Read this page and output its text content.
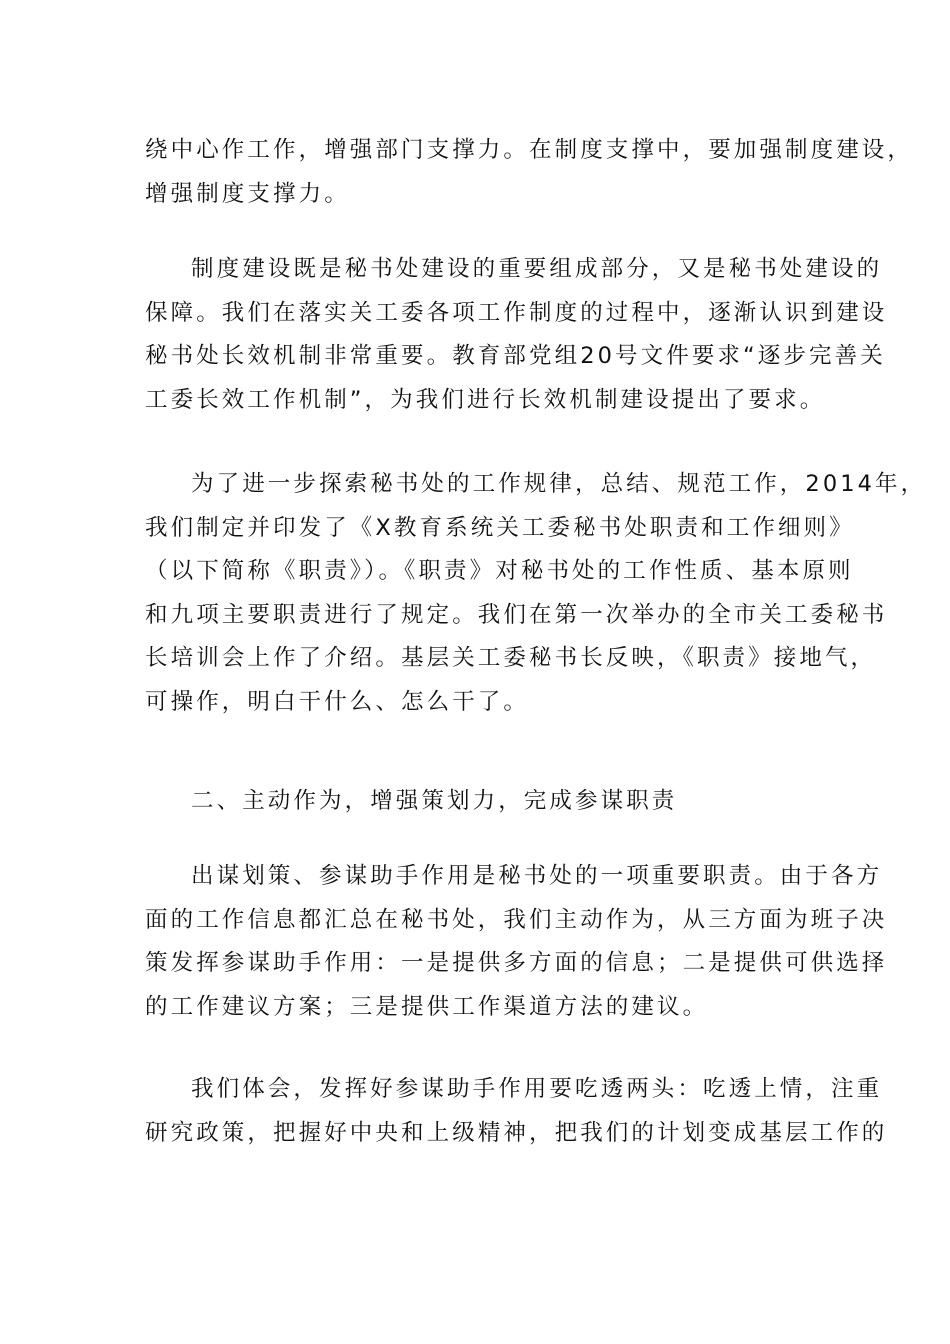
绕中心作工作，增强部门支撑力。在制度支撑中，要加强制度建设，
增强制度支撑力。
制度建设既是秘书处建设的重要组成部分，又是秘书处建设的
保障。我们在落实关工委各项工作制度的过程中，逐渐认识到建设
秘书处长效机制非常重要。教育部党组20号文件要求“逐步完善关
工委长效工作机制”，为我们进行长效机制建设提出了要求。
为了进一步探索秘书处的工作规律，总结、规范工作，2014年，
我们制定并印发了《X教育系统关工委秘书处职责和工作细则》
（以下简称《职责》）。《职责》对秘书处的工作性质、基本原则
和九项主要职责进行了规定。我们在第一次举办的全市关工委秘书
长培训会上作了介绍。基层关工委秘书长反映，《职责》接地气，
可操作，明白干什么、怎么干了。
二、主动作为，增强策划力，完成参谋职责
出谋划策、参谋助手作用是秘书处的一项重要职责。由于各方
面的工作信息都汇总在秘书处，我们主动作为，从三方面为班子决
策发挥参谋助手作用：一是提供多方面的信息；二是提供可供选择
的工作建议方案；三是提供工作渠道方法的建议。
我们体会，发挥好参谋助手作用要吃透两头：吃透上情，注重
研究政策，把握好中央和上级精神，把我们的计划变成基层工作的
